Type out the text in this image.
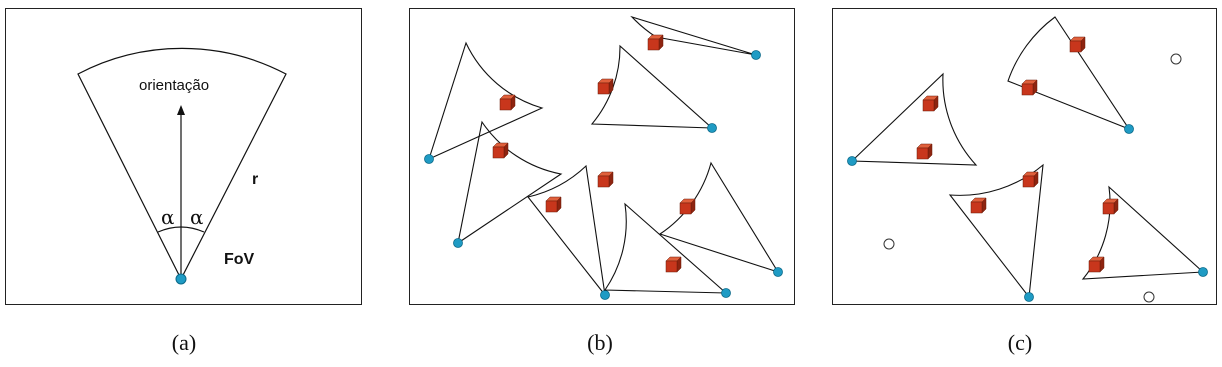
orientação
r
FoV
α α
(a)	(b)	(c)
